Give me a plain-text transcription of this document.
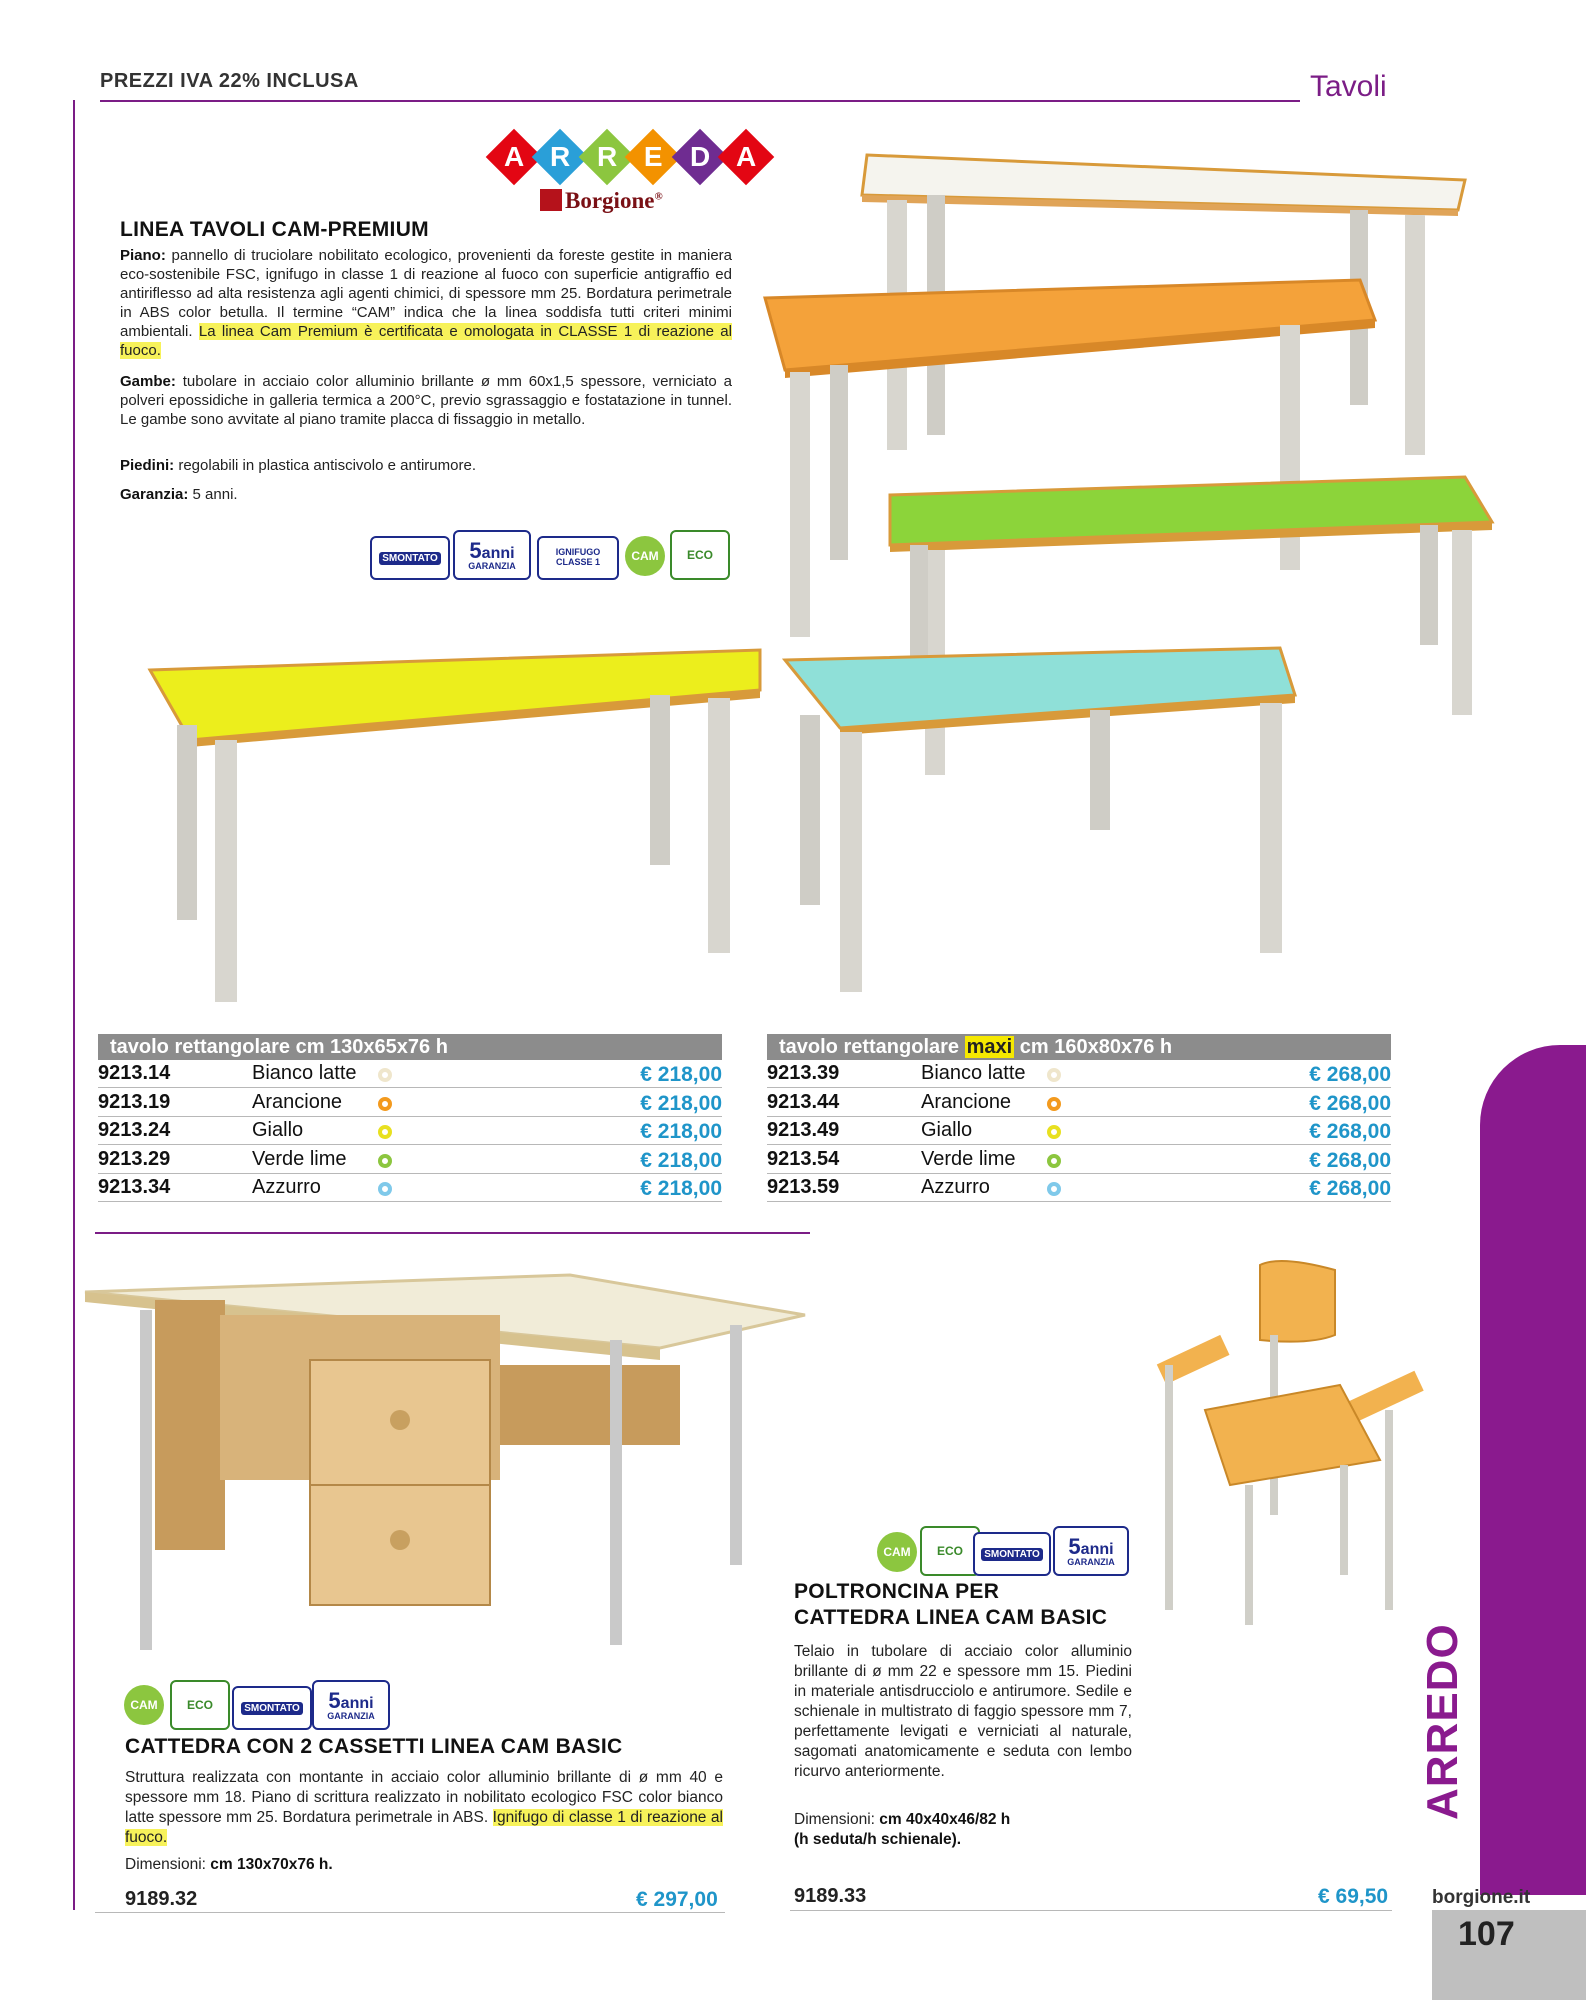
PREZZI IVA 22% INCLUSA	Tavoli
A R R E D A
Borgione®
LINEA TAVOLI CAM-PREMIUM
Piano: pannello di truciolare nobilitato ecologico, provenienti da foreste gestite in maniera eco-sostenibile FSC, ignifugo in classe 1 di reazione al fuoco con superficie antigraffio ed antiriflesso ad alta resistenza agli agenti chimici, di spessore mm 25. Bordatura perimetrale in ABS color betulla. Il termine “CAM” indica che la linea soddisfa tutti criteri minimi ambientali. La linea Cam Premium è certificata e omologata in CLASSE 1 di reazione al fuoco.
Gambe: tubolare in acciaio color alluminio brillante ø mm 60x1,5 spessore, verniciato a polveri epossidiche in galleria termica a 200°C, previo sgrassaggio e fostatazione in tunnel. Le gambe sono avvitate al piano tramite placca di fissaggio in metallo.
Piedini: regolabili in plastica antiscivolo e antirumore.
Garanzia: 5 anni.
SMONTATO 5anni
GARANZIA
IGNIFUGO
CLASSE 1	CAM ECO
tavolo rettangolare cm 130x65x76 h
9213.14	Bianco latte	€ 218,00
9213.19	Arancione	€ 218,00
9213.24	Giallo	€ 218,00
9213.29	Verde lime	€ 218,00
9213.34	Azzurro	€ 218,00
tavolo rettangolare maxi cm 160x80x76 h
9213.39	Bianco latte	€ 268,00
9213.44	Arancione	€ 268,00
9213.49	Giallo	€ 268,00
9213.54	Verde lime	€ 268,00
9213.59	Azzurro	€ 268,00
CAM ECO	SMONTATO 5anni
GARANZIA
CATTEDRA CON 2 CASSETTI LINEA CAM BASIC
Struttura realizzata con montante in acciaio color alluminio brillante di ø mm 40 e spessore mm 18. Piano di scrittura realizzato in nobilitato ecologico FSC color bianco latte spessore mm 25. Bordatura perimetrale in ABS. Ignifugo di classe 1 di reazione al fuoco.
Dimensioni: cm 130x70x76 h.
9189.32	€ 297,00
CAM ECO	SMONTATO 5anni
GARANZIA
POLTRONCINA PER
CATTEDRA LINEA CAM BASIC
Telaio in tubolare di acciaio color alluminio brillante di ø mm 22 e spessore mm 15. Piedini in materiale antisdrucciolo e antirumore. Sedile e schienale in multistrato di faggio spessore mm 7, perfettamente levigati e verniciati al naturale, sagomati anatomicamente e seduta con lembo ricurvo anteriormente.
Dimensioni: cm 40x40x46/82 h
(h seduta/h schienale).
9189.33	€ 69,50
ARREDO
borgione.it
107
